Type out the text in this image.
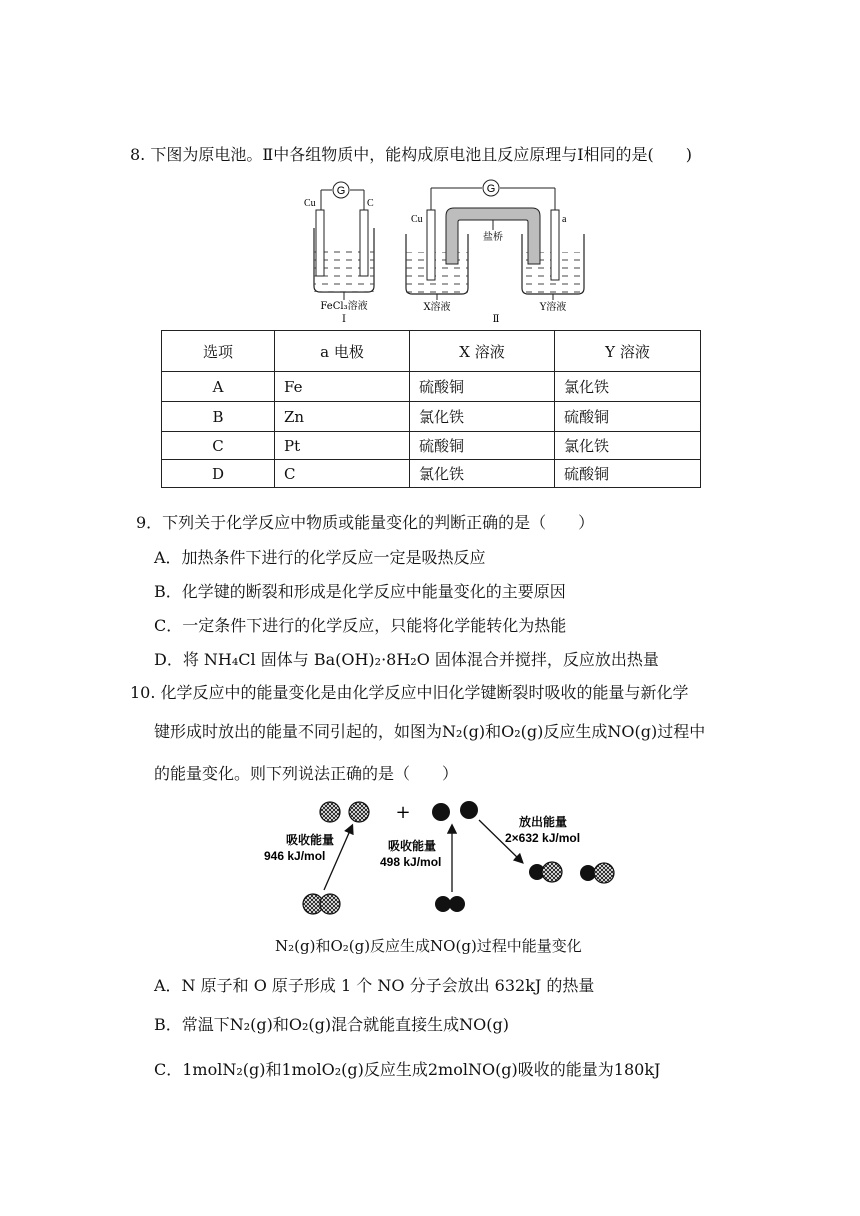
8. 下图为原电池。Ⅱ中各组物质中，能构成原电池且反应原理与Ⅰ相同的是(　　)
G
Cu	C
FeCl₃溶液
Ⅰ
G
盐桥
Cu	a
X溶液	Y溶液
Ⅱ
选项	a 电极	X 溶液	Y 溶液
A	Fe	硫酸铜	氯化铁
B	Zn	氯化铁	硫酸铜
C	Pt	硫酸铜	氯化铁
D	C	氯化铁	硫酸铜
9．下列关于化学反应中物质或能量变化的判断正确的是（　　）
A．加热条件下进行的化学反应一定是吸热反应
B．化学键的断裂和形成是化学反应中能量变化的主要原因
C．一定条件下进行的化学反应，只能将化学能转化为热能
D．将 NH₄Cl 固体与 Ba(OH)₂·8H₂O 固体混合并搅拌，反应放出热量
10. 化学反应中的能量变化是由化学反应中旧化学键断裂时吸收的能量与新化学
键形成时放出的能量不同引起的，如图为N₂(g)和O₂(g)反应生成NO(g)过程中
的能量变化。则下列说法正确的是（　　）
+
吸收能量
946 kJ/mol
吸收能量
498 kJ/mol
放出能量
2×632 kJ/mol
N₂(g)和O₂(g)反应生成NO(g)过程中能量变化
A．N 原子和 O 原子形成 1 个 NO 分子会放出 632kJ 的热量
B．常温下N₂(g)和O₂(g)混合就能直接生成NO(g)
C．1molN₂(g)和1molO₂(g)反应生成2molNO(g)吸收的能量为180kJ
